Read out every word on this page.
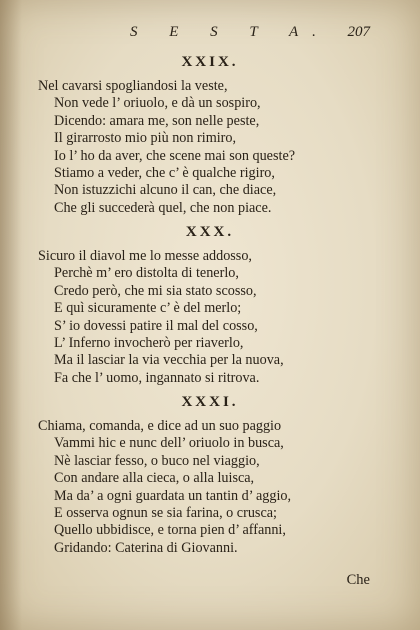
S E S T A. 207
XXIX.
Nel cavarsi spogliandosi la veste,
Non vede l’ oriuolo, e dà un sospiro,
Dicendo: amara me, son nelle peste,
Il girarrosto mio più non rimiro,
Io l’ ho da aver, che scene mai son queste?
Stiamo a veder, che c’ è qualche rigiro,
Non istuzzichi alcuno il can, che diace,
Che gli succederà quel, che non piace.
XXX.
Sicuro il diavol me lo messe addosso,
Perchè m’ ero distolta di tenerlo,
Credo però, che mi sia stato scosso,
E quì sicuramente c’ è del merlo;
S’ io dovessi patire il mal del cosso,
L’ Inferno invocherò per riaverlo,
Ma il lasciar la via vecchia per la nuova,
Fa che l’ uomo, ingannato si ritrova.
XXXI.
Chiama, comanda, e dice ad un suo paggio
Vammi hic e nunc dell’ oriuolo in busca,
Nè lasciar fesso, o buco nel viaggio,
Con andare alla cieca, o alla luisca,
Ma da’ a ogni guardata un tantin d’ aggio,
E osserva ognun se sia farina, o crusca;
Quello ubbidisce, e torna pien d’ affanni,
Gridando: Caterina di Giovanni.
Che
